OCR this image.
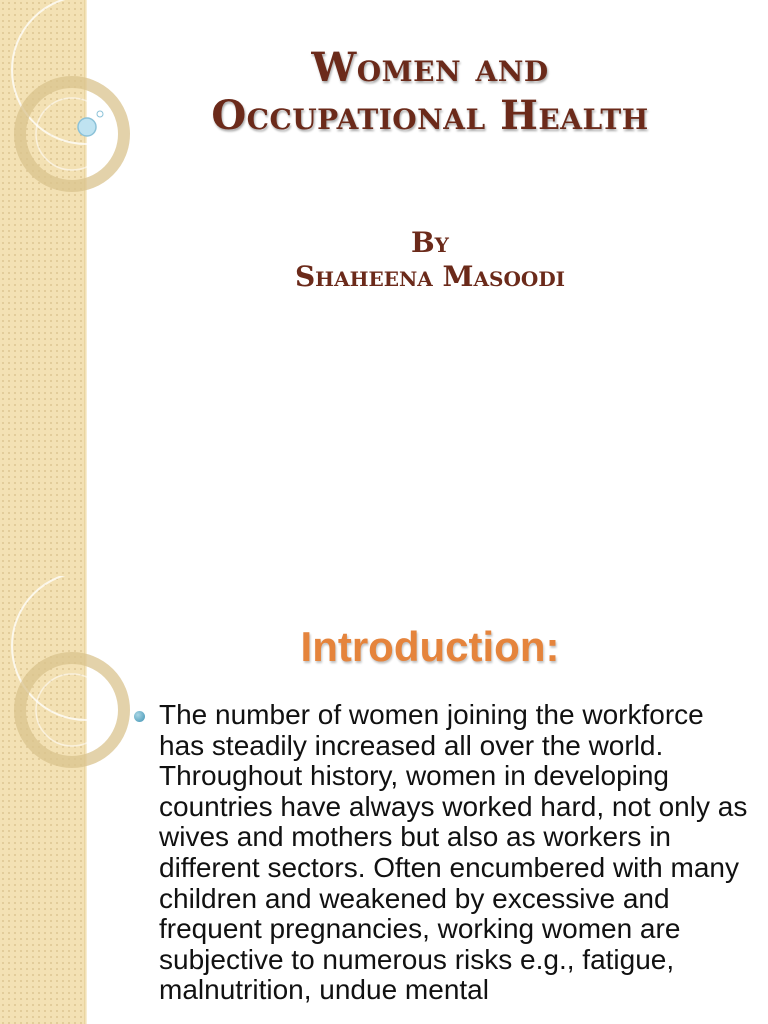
Women and
Occupational Health
By
Shaheena Masoodi
Introduction:
The number of women joining the workforce has steadily increased all over the world. Throughout history, women in developing countries have always worked hard, not only as wives and mothers but also as workers in different sectors. Often encumbered with many children and weakened by excessive and frequent pregnancies, working women are subjective to numerous risks e.g., fatigue, malnutrition, undue mental
